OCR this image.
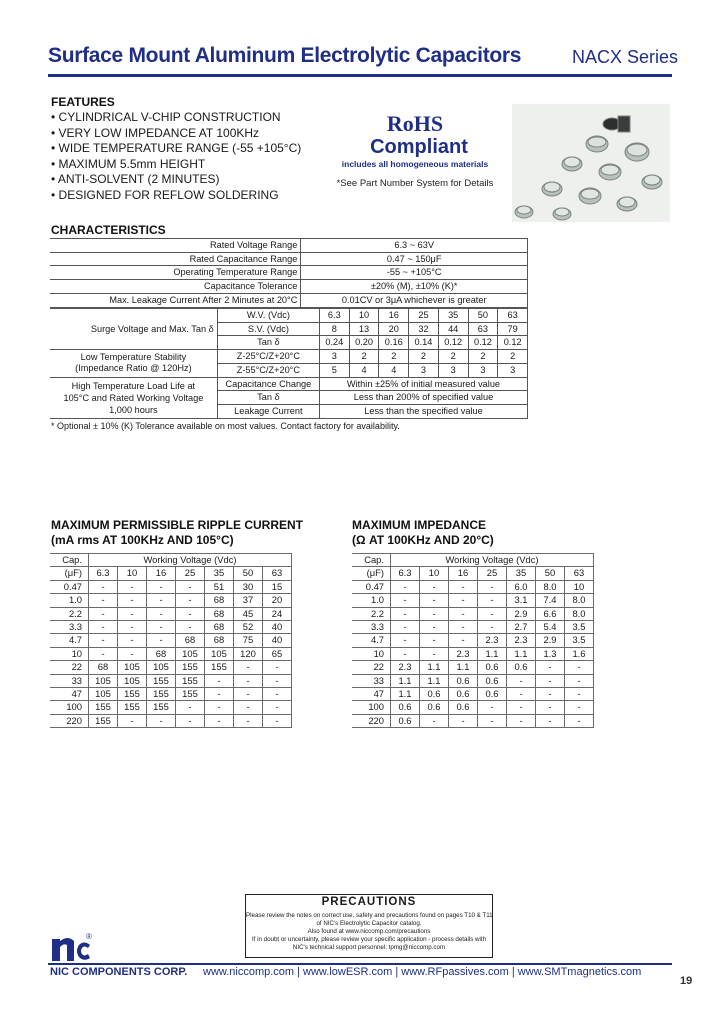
Surface Mount Aluminum Electrolytic Capacitors	NACX Series
FEATURES
• CYLINDRICAL V-CHIP CONSTRUCTION
• VERY LOW IMPEDANCE AT 100KHz
• WIDE TEMPERATURE RANGE (-55 +105°C)
• MAXIMUM 5.5mm HEIGHT
• ANTI-SOLVENT (2 MINUTES)
• DESIGNED FOR REFLOW SOLDERING
RoHS
Compliant
includes all homogeneous materials
*See Part Number System for Details
CHARACTERISTICS
Rated Voltage Range	6.3 ~ 63V
Rated Capacitance Range	0.47 ~ 150μF
Operating Temperature Range	-55 ~ +105°C
Capacitance Tolerance	±20% (M), ±10% (K)*
Max. Leakage Current After 2 Minutes at 20°C	0.01CV or 3μA whichever is greater
Surge Voltage and Max. Tan δ	W.V. (Vdc)	6.3	10	16	25	35	50	63
	S.V. (Vdc)	8	13	20	32	44	63	79
	Tan δ	0.24	0.20	0.16	0.14	0.12	0.12	0.12

Low Temperature Stability
(Impedance Ratio @ 120Hz)	Z-25°C/Z+20°C	3	2	2	2	2	2	2
	Z-55°C/Z+20°C	5	4	4	3	3	3	3

High Temperature Load Life at
105°C and Rated Working Voltage
1,000 hours	Capacitance Change	Within ±25% of initial measured value						
	Tan δ	Less than 200% of specified value						
	Leakage Current	Less than the specified value						
* Optional ± 10% (K) Tolerance available on most values. Contact factory for availability.
MAXIMUM PERMISSIBLE RIPPLE CURRENT
(mA rms AT 100KHz AND 105°C)
MAXIMUM IMPEDANCE
(Ω AT 100KHz AND 20°C)
Cap.	Working Voltage (Vdc)						
(μF)	6.3	10	16	25	35	50	63
0.47	-	-	-	-	51	30	15
1.0	-	-	-	-	68	37	20
2.2	-	-	-	-	68	45	24
3.3	-	-	-	-	68	52	40
4.7	-	-	-	68	68	75	40
10	-	-	68	105	105	120	65
22	68	105	105	155	155	-	-
33	105	105	155	155	-	-	-
47	105	155	155	155	-	-	-
100	155	155	155	-	-	-	-
220	155	-	-	-	-	-	-
Cap.	Working Voltage (Vdc)						
(μF)	6.3	10	16	25	35	50	63
0.47	-	-	-	-	6.0	8.0	10
1.0	-	-	-	-	3.1	7.4	8.0
2.2	-	-	-	-	2.9	6.6	8.0
3.3	-	-	-	-	2.7	5.4	3.5
4.7	-	-	-	2.3	2.3	2.9	3.5
10	-	-	2.3	1.1	1.1	1.3	1.6
22	2.3	1.1	1.1	0.6	0.6	-	-
33	1.1	1.1	0.6	0.6	-	-	-
47	1.1	0.6	0.6	0.6	-	-	-
100	0.6	0.6	0.6	-	-	-	-
220	0.6	-	-	-	-	-	-
PRECAUTIONS
Please review the notes on correct use, safety and precautions found on pages T10 & T11
of NIC's Electrolytic Capacitor catalog.
Also found at www.niccomp.com/precautions
If in doubt or uncertainty, please review your specific application - process details with
NIC's technical support personnel: tpmg@niccomp.com
®
NIC COMPONENTS CORP. www.niccomp.com | www.lowESR.com | www.RFpassives.com | www.SMTmagnetics.com
19
